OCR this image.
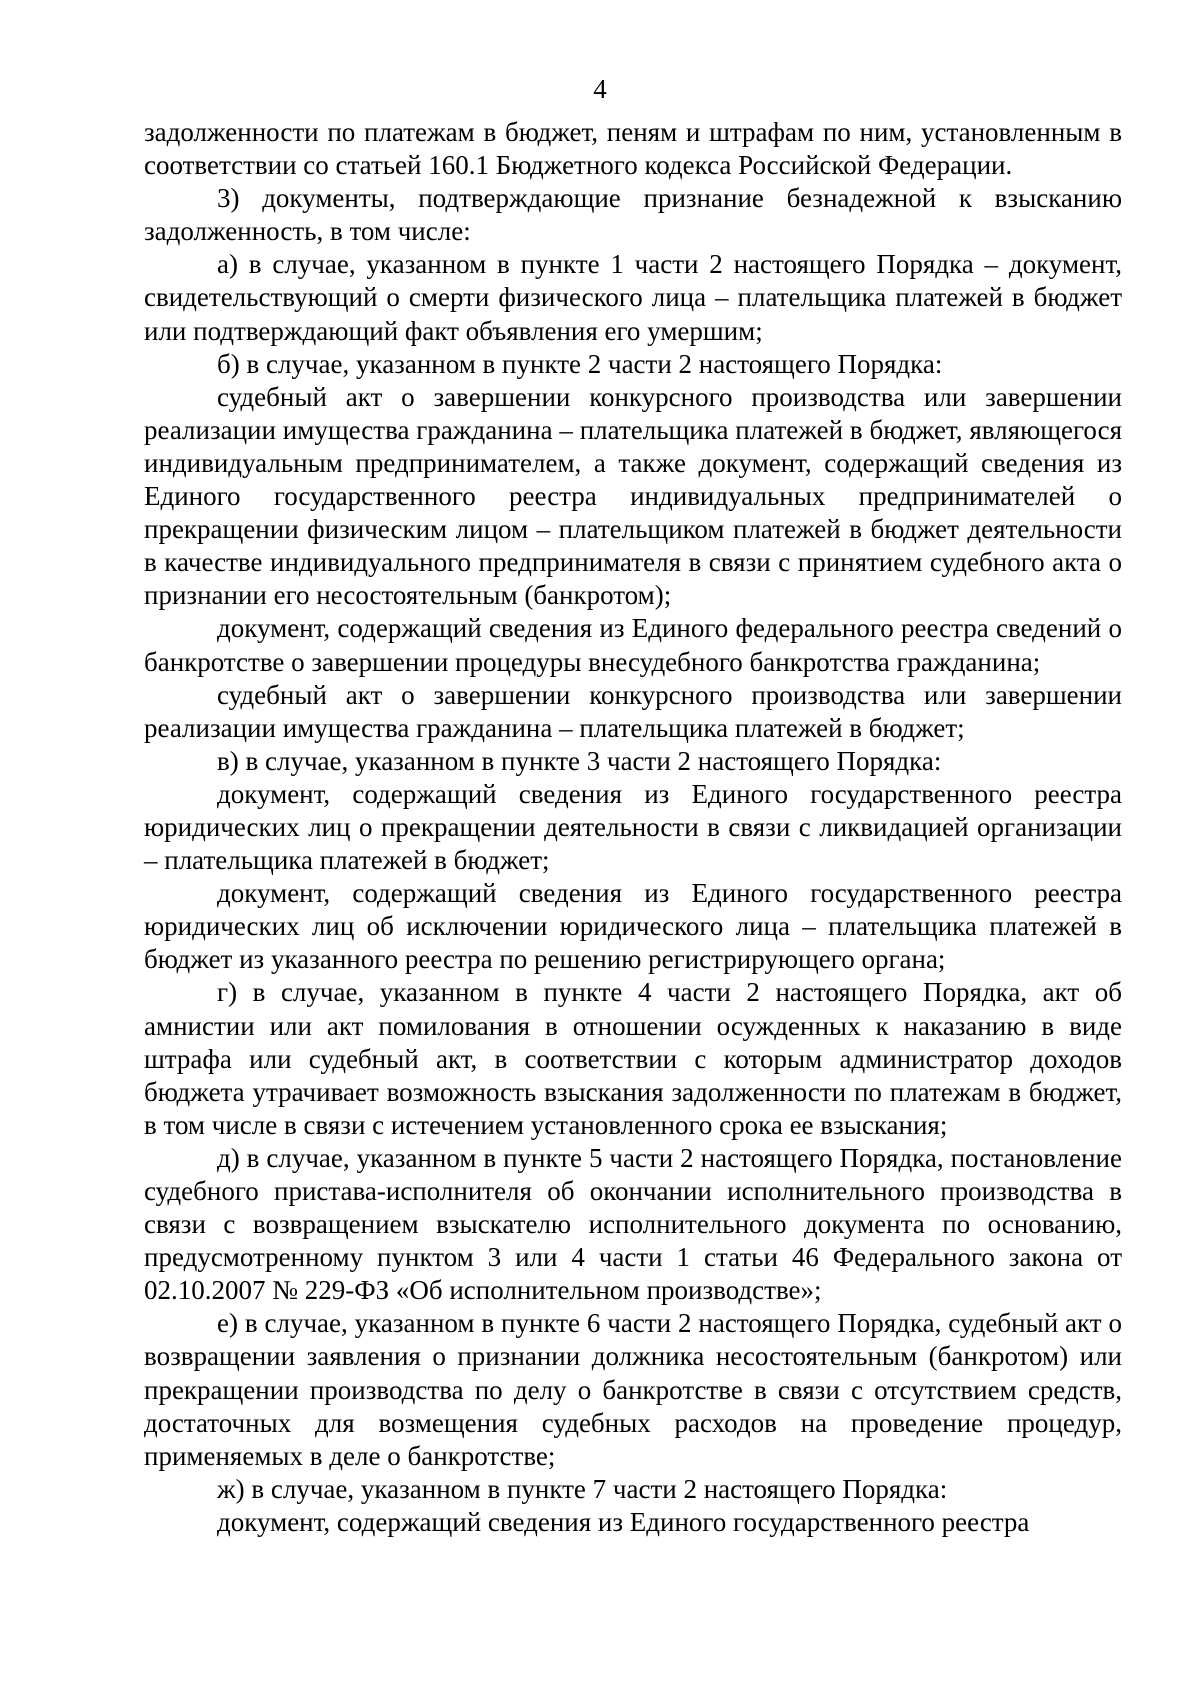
4

задолженности по платежам в бюджет, пеням и штрафам по ним, установленным в соответствии со статьей 160.1 Бюджетного кодекса Российской Федерации.

3) документы, подтверждающие признание безнадежной к взысканию задолженность, в том числе:

а) в случае, указанном в пункте 1 части 2 настоящего Порядка – документ, свидетельствующий о смерти физического лица – плательщика платежей в бюджет или подтверждающий факт объявления его умершим;

б) в случае, указанном в пункте 2 части 2 настоящего Порядка:

судебный акт о завершении конкурсного производства или завершении реализации имущества гражданина – плательщика платежей в бюджет, являющегося индивидуальным предпринимателем, а также документ, содержащий сведения из Единого государственного реестра индивидуальных предпринимателей о прекращении физическим лицом – плательщиком платежей в бюджет деятельности в качестве индивидуального предпринимателя в связи с принятием судебного акта о признании его несостоятельным (банкротом);

документ, содержащий сведения из Единого федерального реестра сведений о банкротстве о завершении процедуры внесудебного банкротства гражданина;

судебный акт о завершении конкурсного производства или завершении реализации имущества гражданина – плательщика платежей в бюджет;

в) в случае, указанном в пункте 3 части 2 настоящего Порядка:

документ, содержащий сведения из Единого государственного реестра юридических лиц о прекращении деятельности в связи с ликвидацией организации – плательщика платежей в бюджет;

документ, содержащий сведения из Единого государственного реестра юридических лиц об исключении юридического лица – плательщика платежей в бюджет из указанного реестра по решению регистрирующего органа;

г) в случае, указанном в пункте 4 части 2 настоящего Порядка, акт об амнистии или акт помилования в отношении осужденных к наказанию в виде штрафа или судебный акт, в соответствии с которым администратор доходов бюджета утрачивает возможность взыскания задолженности по платежам в бюджет, в том числе в связи с истечением установленного срока ее взыскания;

д) в случае, указанном в пункте 5 части 2 настоящего Порядка, постановление судебного пристава-исполнителя об окончании исполнительного производства в связи с возвращением взыскателю исполнительного документа по основанию, предусмотренному пунктом 3 или 4 части 1 статьи 46 Федерального закона от 02.10.2007 № 229-ФЗ «Об исполнительном производстве»;

е) в случае, указанном в пункте 6 части 2 настоящего Порядка, судебный акт о возвращении заявления о признании должника несостоятельным (банкротом) или прекращении производства по делу о банкротстве в связи с отсутствием средств, достаточных для возмещения судебных расходов на проведение процедур, применяемых в деле о банкротстве;

ж) в случае, указанном в пункте 7 части 2 настоящего Порядка:

документ, содержащий сведения из Единого государственного реестра
